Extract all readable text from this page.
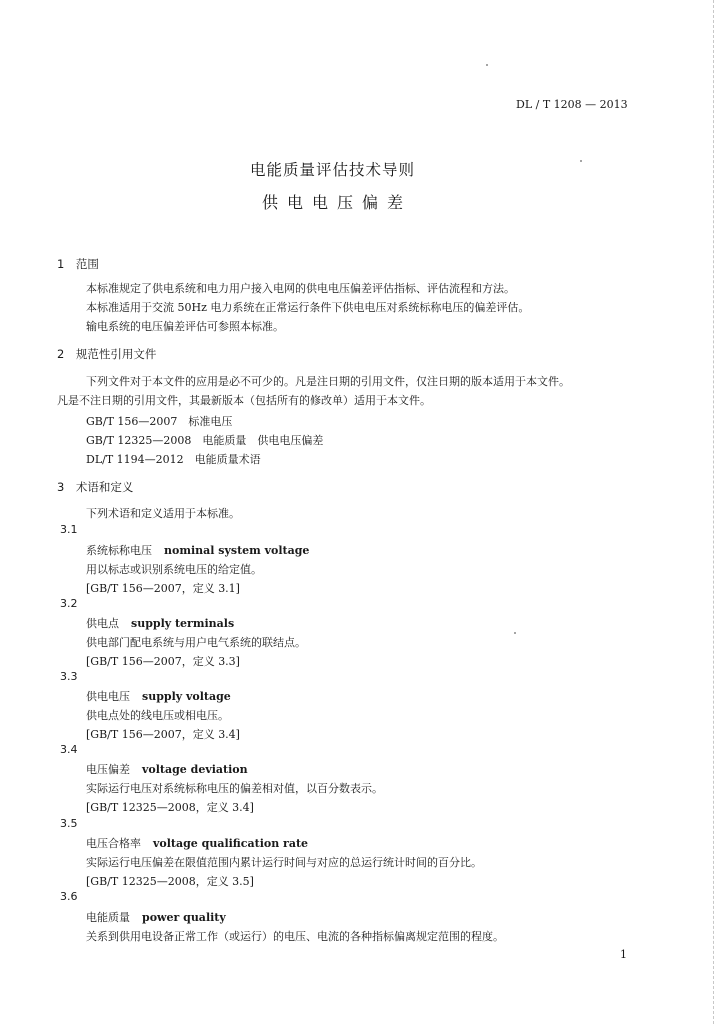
DL / T 1208 — 2013
电能质量评估技术导则
供电电压偏差
1　范围
本标准规定了供电系统和电力用户接入电网的供电电压偏差评估指标、评估流程和方法。
本标准适用于交流 50Hz 电力系统在正常运行条件下供电电压对系统标称电压的偏差评估。
输电系统的电压偏差评估可参照本标准。
2　规范性引用文件
下列文件对于本文件的应用是必不可少的。凡是注日期的引用文件，仅注日期的版本适用于本文件。
凡是不注日期的引用文件，其最新版本（包括所有的修改单）适用于本文件。
GB/T 156—2007　标准电压
GB/T 12325—2008　电能质量　供电电压偏差
DL/T 1194—2012　电能质量术语
3　术语和定义
下列术语和定义适用于本标准。
3.1
系统标称电压 nominal system voltage
用以标志或识别系统电压的给定值。
[GB/T 156—2007，定义 3.1]
3.2
供电点 supply terminals
供电部门配电系统与用户电气系统的联结点。
[GB/T 156—2007，定义 3.3]
3.3
供电电压 supply voltage
供电点处的线电压或相电压。
[GB/T 156—2007，定义 3.4]
3.4
电压偏差 voltage deviation
实际运行电压对系统标称电压的偏差相对值，以百分数表示。
[GB/T 12325—2008，定义 3.4]
3.5
电压合格率 voltage qualification rate
实际运行电压偏差在限值范围内累计运行时间与对应的总运行统计时间的百分比。
[GB/T 12325—2008，定义 3.5]
3.6
电能质量 power quality
关系到供用电设备正常工作（或运行）的电压、电流的各种指标偏离规定范围的程度。
1
